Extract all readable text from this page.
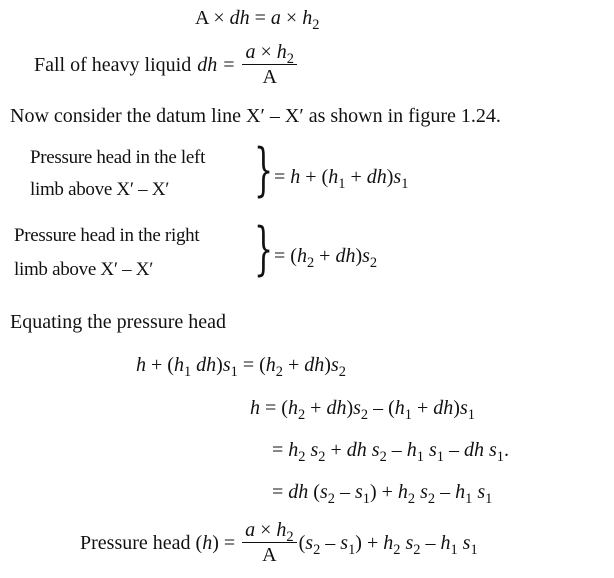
A × dh = $a \times h_2$
Fall of heavy liquid dh = $\frac{a \times h_2}{A}$
Now consider the datum line X′ – X′ as shown in figure 1.24.
Pressure head in the left
limb above X′ – X′	} = $h + (h_1 + dh)s_1$
Pressure head in the right
limb above X′ – X′	} = $(h_2 + dh)s_2$
Equating the pressure head
$h + (h_1$ $dh)s_1 = (h_2 + dh)s_2$
$h = (h_2 + dh)s_2 - (h_1 + dh)s_1$
= $h_2$ $s_2$ + dh $s_2 - h_1$ $s_1$ – dh $s_1$.
= dh $(s_2 - s_1) + h_2$ $s_2 - h_1$ $s_1$
Pressure head ( h ) = $\frac{a \times h_2}{A} (s_2 - s_1) + h_2$ $s_2 - h_1$ $s_1$
